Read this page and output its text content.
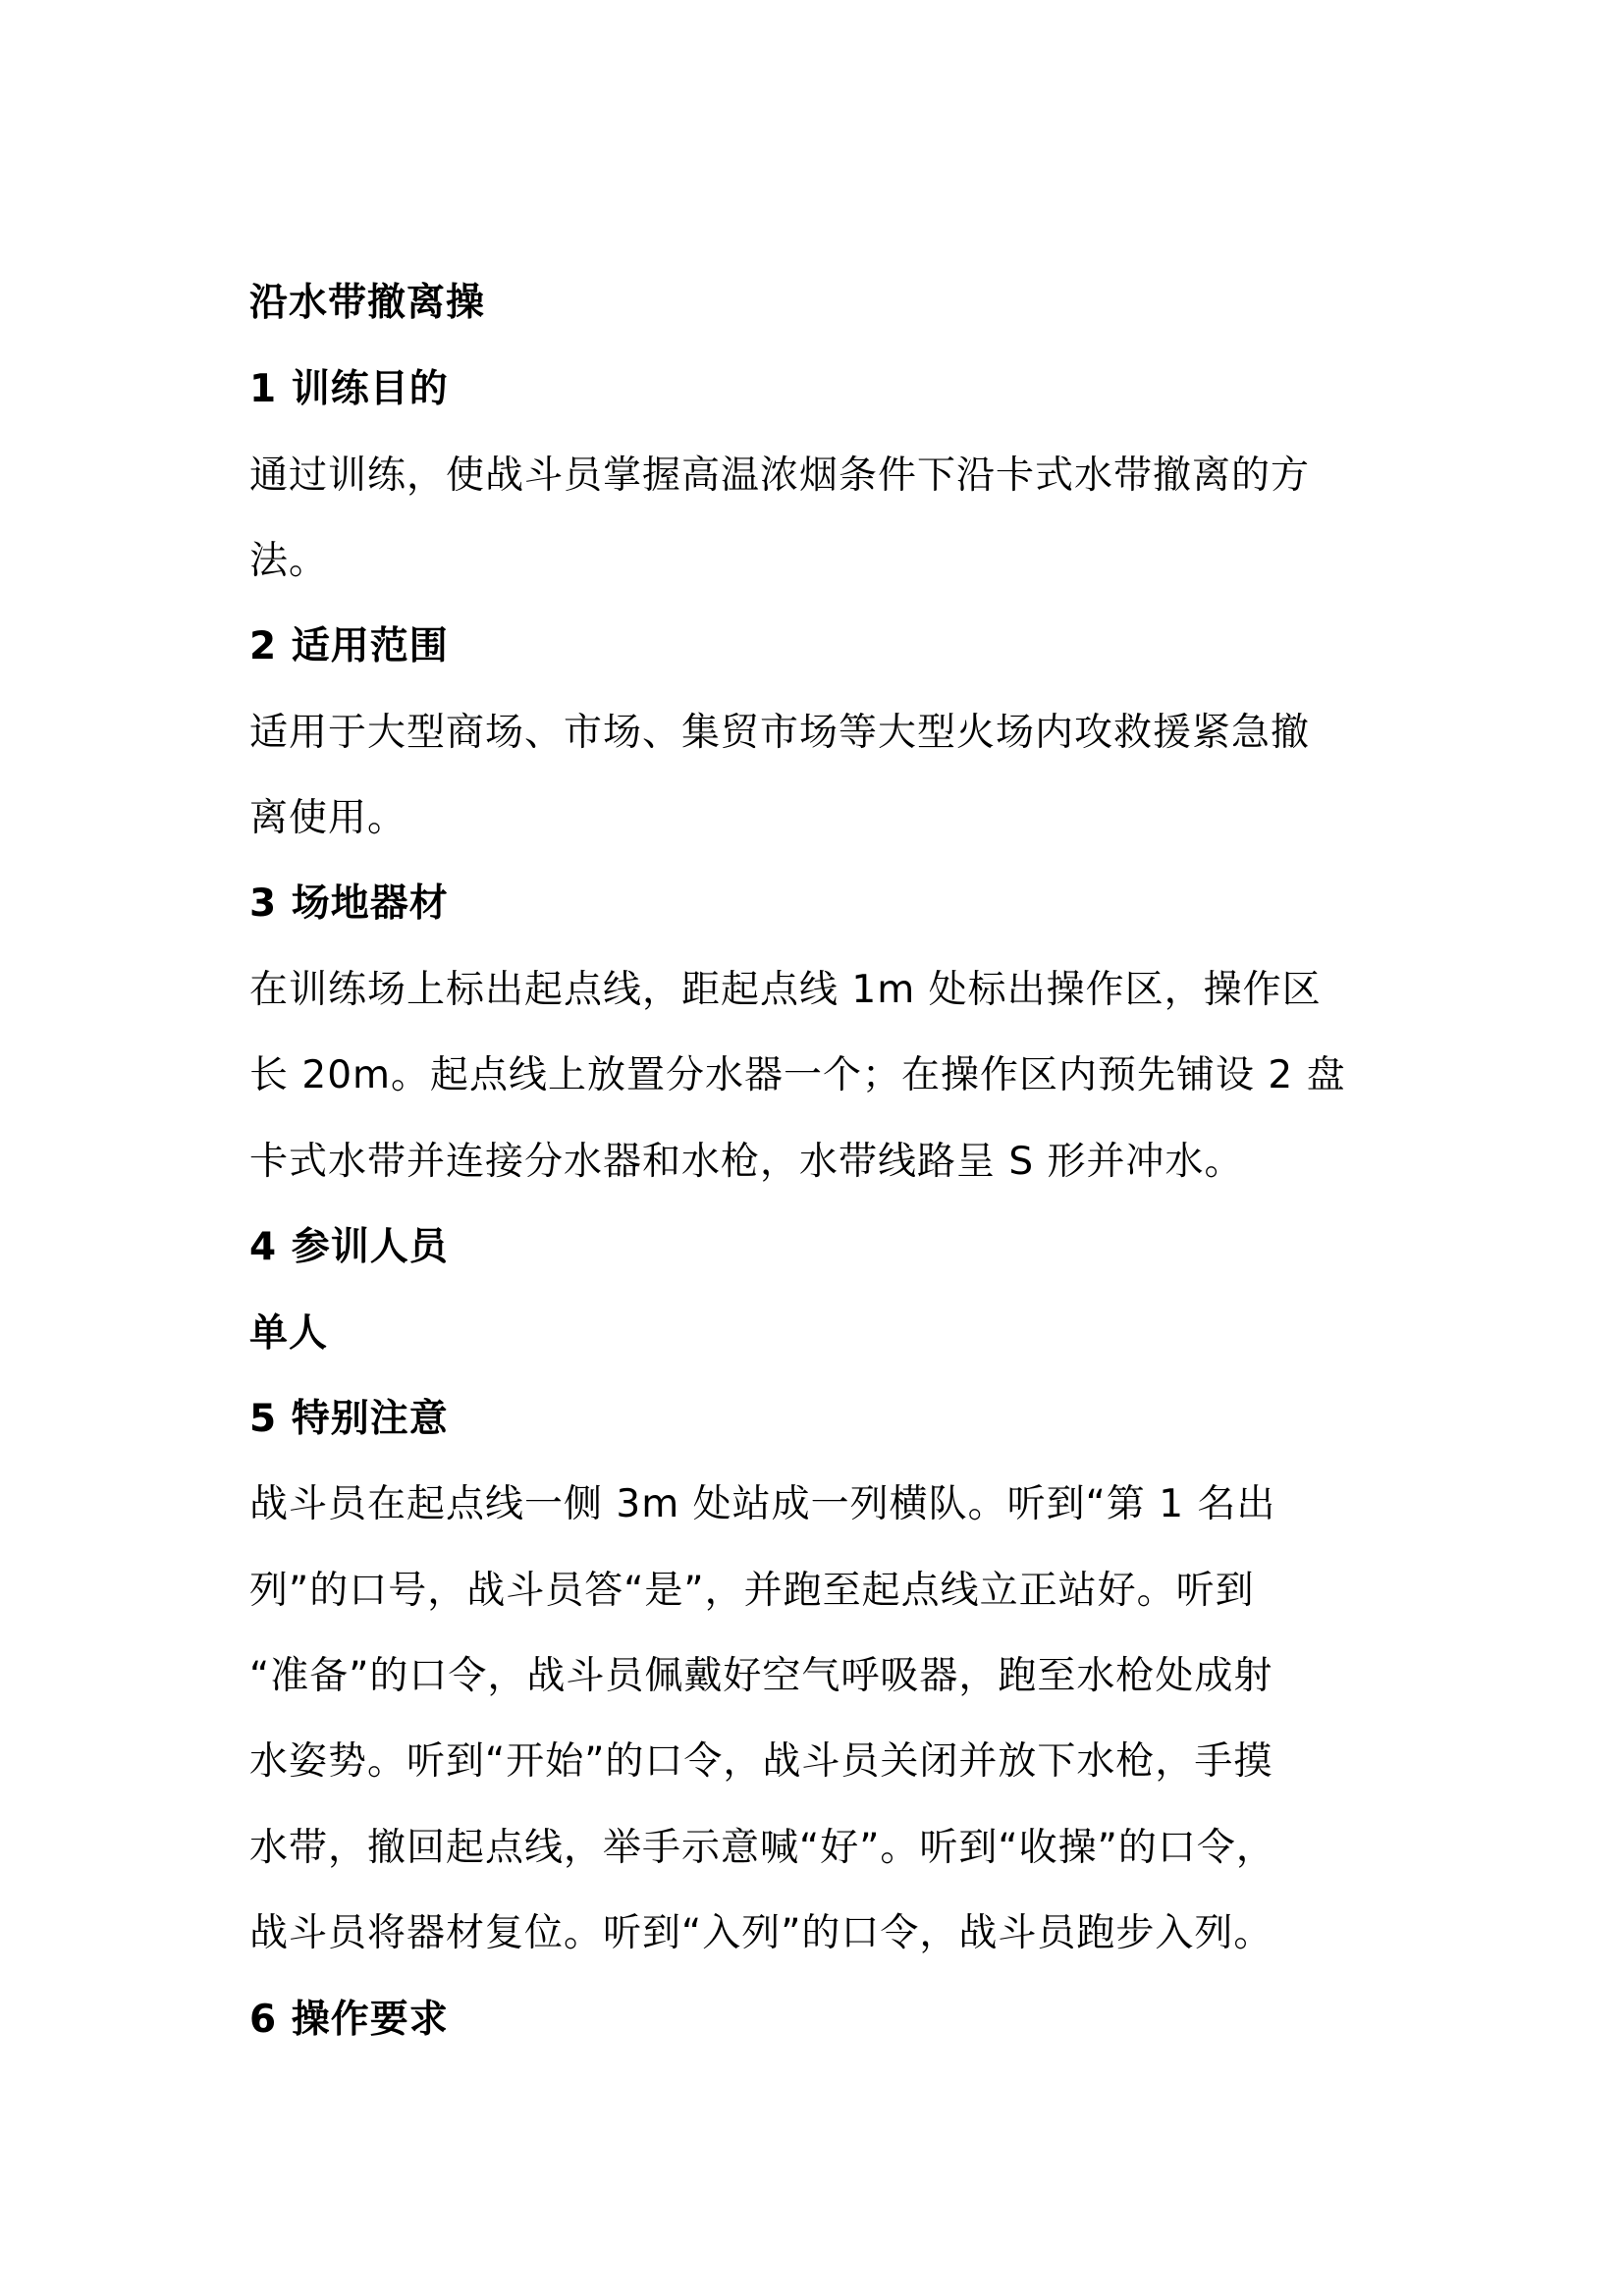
沿水带撤离操
1 训练目的
通过训练，使战斗员掌握高温浓烟条件下沿卡式水带撤离的方
法。
2 适用范围
适用于大型商场、市场、集贸市场等大型火场内攻救援紧急撤
离使用。
3 场地器材
在训练场上标出起点线，距起点线 1m 处标出操作区，操作区
长 20m。起点线上放置分水器一个；在操作区内预先铺设 2 盘
卡式水带并连接分水器和水枪，水带线路呈 S 形并冲水。
4 参训人员
单人
5 特别注意
战斗员在起点线一侧 3m 处站成一列横队。听到“第 1 名出
列”的口号，战斗员答“是”，并跑至起点线立正站好。听到
“准备”的口令，战斗员佩戴好空气呼吸器，跑至水枪处成射
水姿势。听到“开始”的口令，战斗员关闭并放下水枪，手摸
水带，撤回起点线，举手示意喊“好”。听到“收操”的口令，
战斗员将器材复位。听到“入列”的口令，战斗员跑步入列。
6 操作要求
